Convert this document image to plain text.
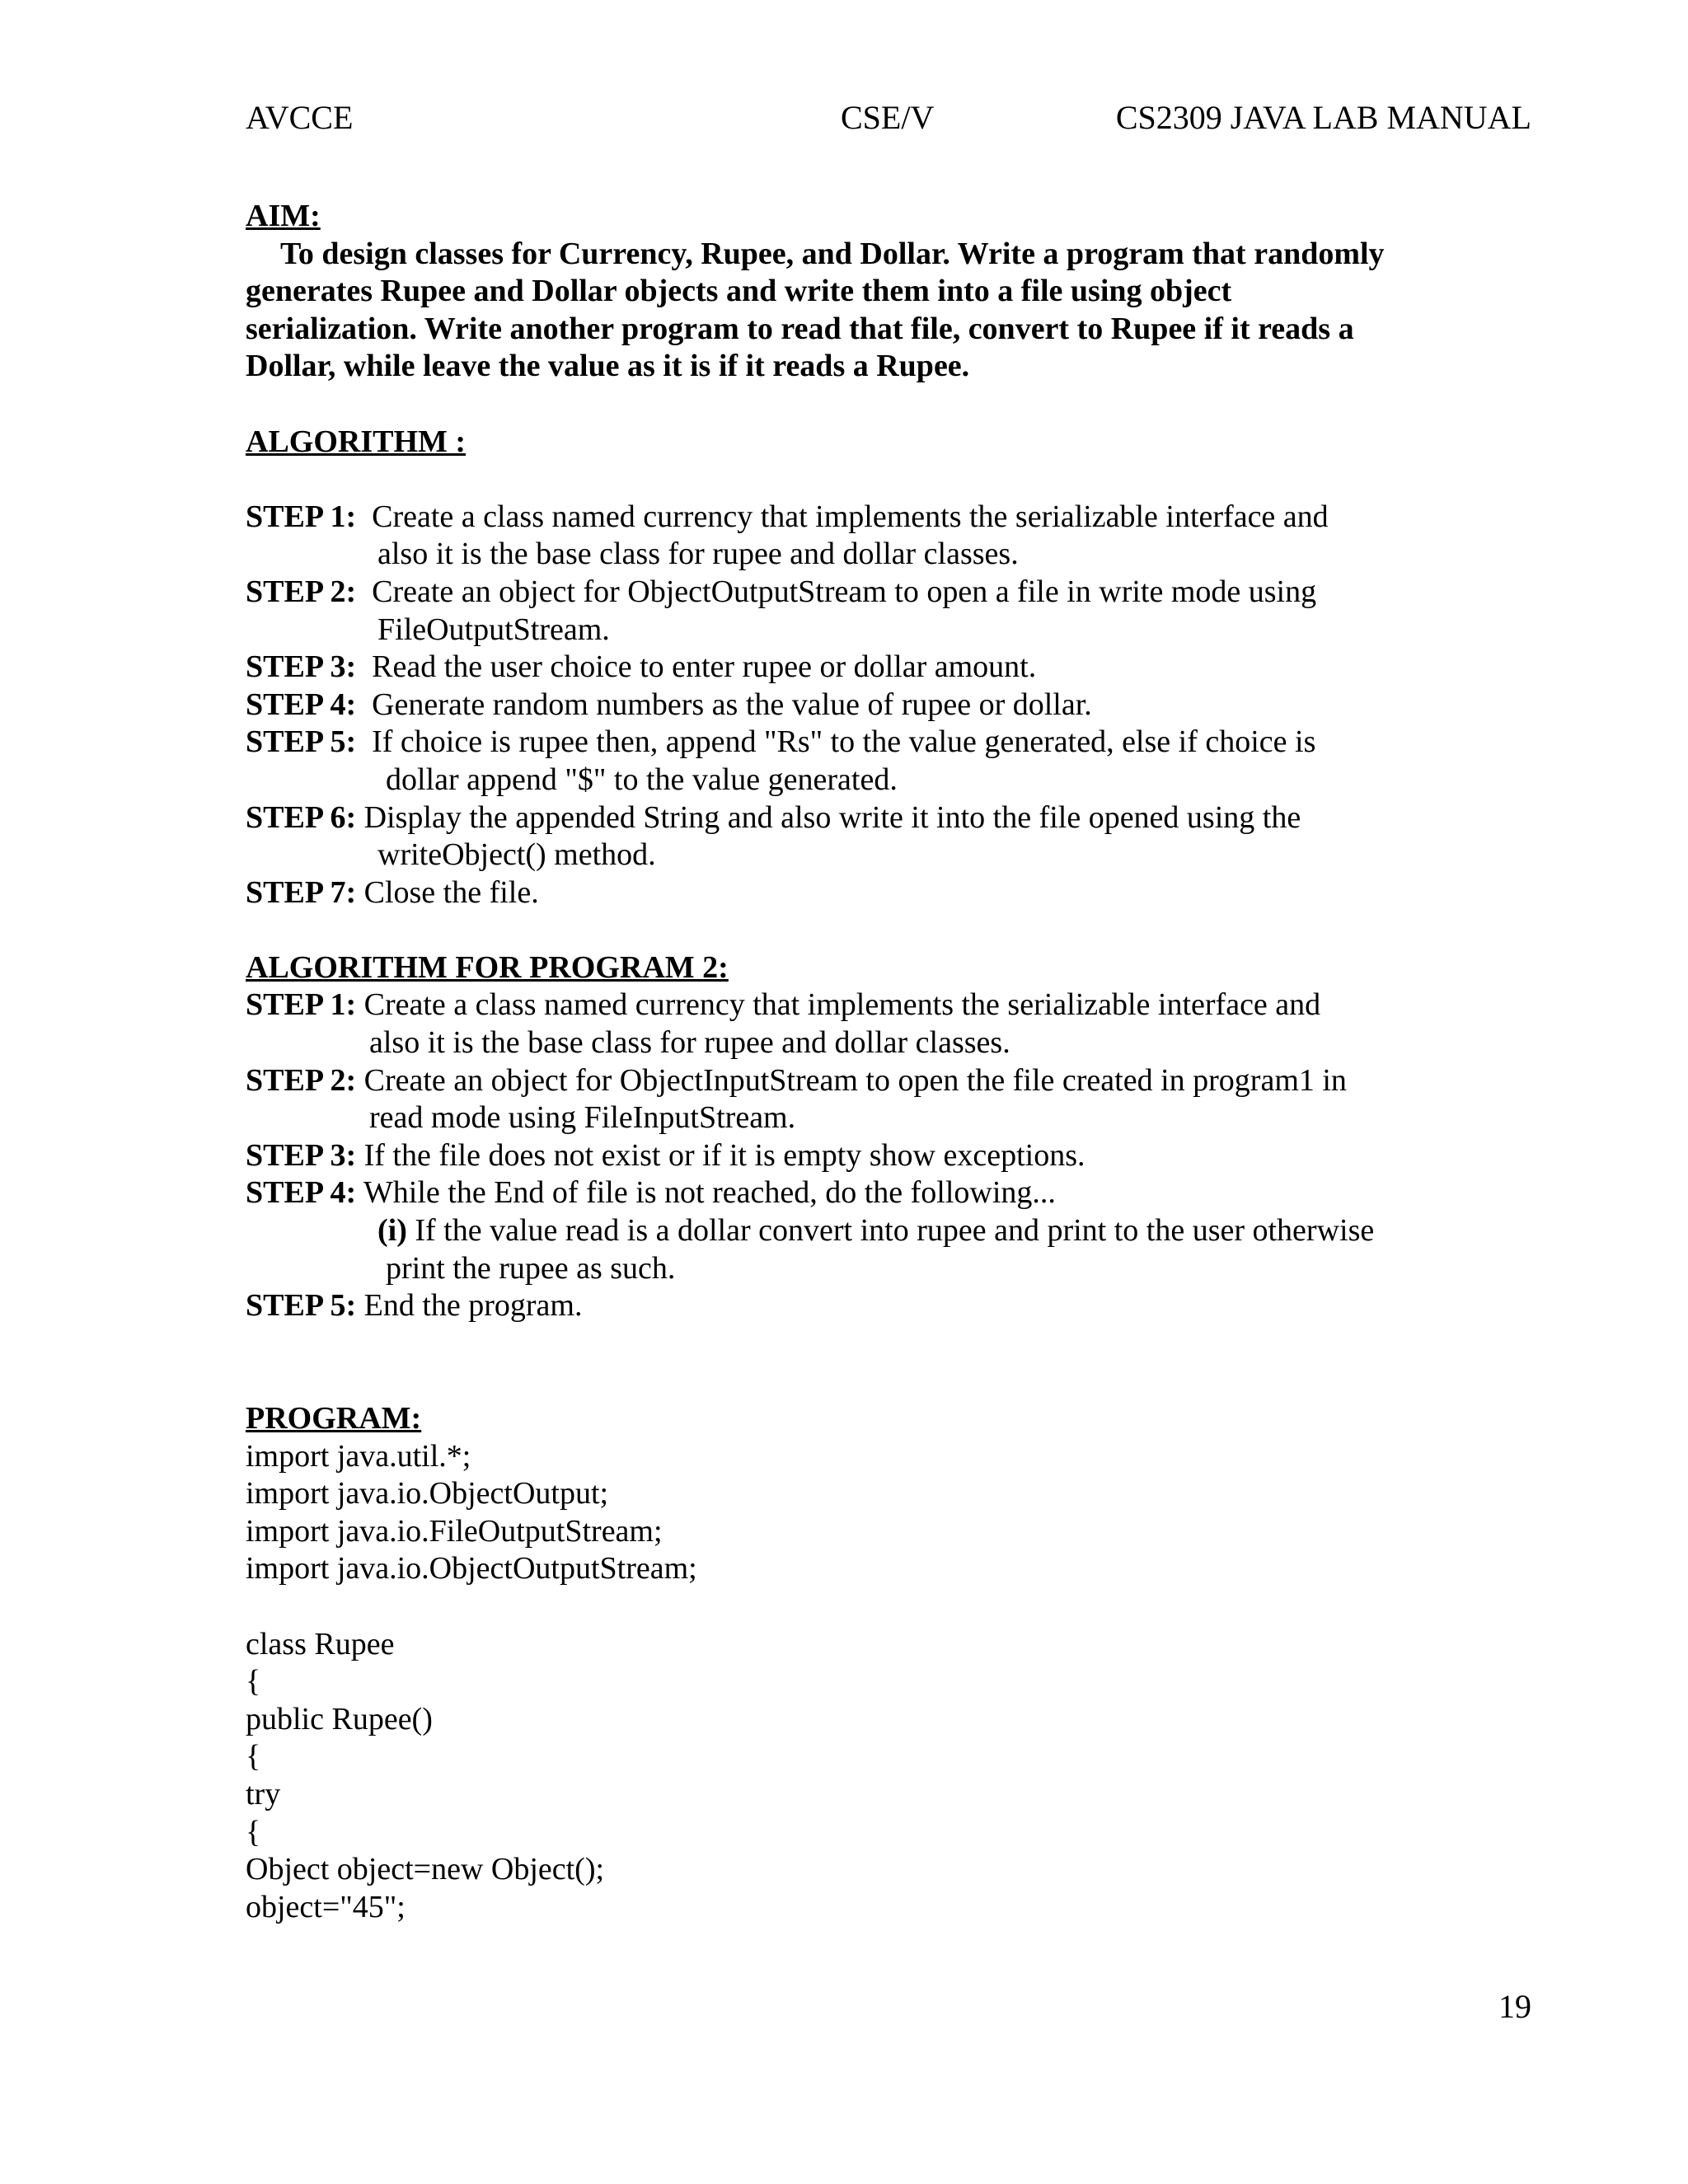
AVCCE	CSE/V	CS2309 JAVA LAB MANUAL
AIM:
To design classes for Currency, Rupee, and Dollar. Write a program that randomly
generates Rupee and Dollar objects and write them into a file using object
serialization. Write another program to read that file, convert to Rupee if it reads a
Dollar, while leave the value as it is if it reads a Rupee.
ALGORITHM :
STEP 1: Create a class named currency that implements the serializable interface and
also it is the base class for rupee and dollar classes.
STEP 2: Create an object for ObjectOutputStream to open a file in write mode using
FileOutputStream.
STEP 3: Read the user choice to enter rupee or dollar amount.
STEP 4: Generate random numbers as the value of rupee or dollar.
STEP 5: If choice is rupee then, append "Rs" to the value generated, else if choice is
dollar append "$" to the value generated.
STEP 6: Display the appended String and also write it into the file opened using the
writeObject() method.
STEP 7: Close the file.
ALGORITHM FOR PROGRAM 2:
STEP 1: Create a class named currency that implements the serializable interface and
also it is the base class for rupee and dollar classes.
STEP 2: Create an object for ObjectInputStream to open the file created in program1 in
read mode using FileInputStream.
STEP 3: If the file does not exist or if it is empty show exceptions.
STEP 4: While the End of file is not reached, do the following...
(i) If the value read is a dollar convert into rupee and print to the user otherwise
print the rupee as such.
STEP 5: End the program.
PROGRAM:
import java.util.*;
import java.io.ObjectOutput;
import java.io.FileOutputStream;
import java.io.ObjectOutputStream;
class Rupee
{
public Rupee()
{
try
{
Object object=new Object();
object="45";
19
